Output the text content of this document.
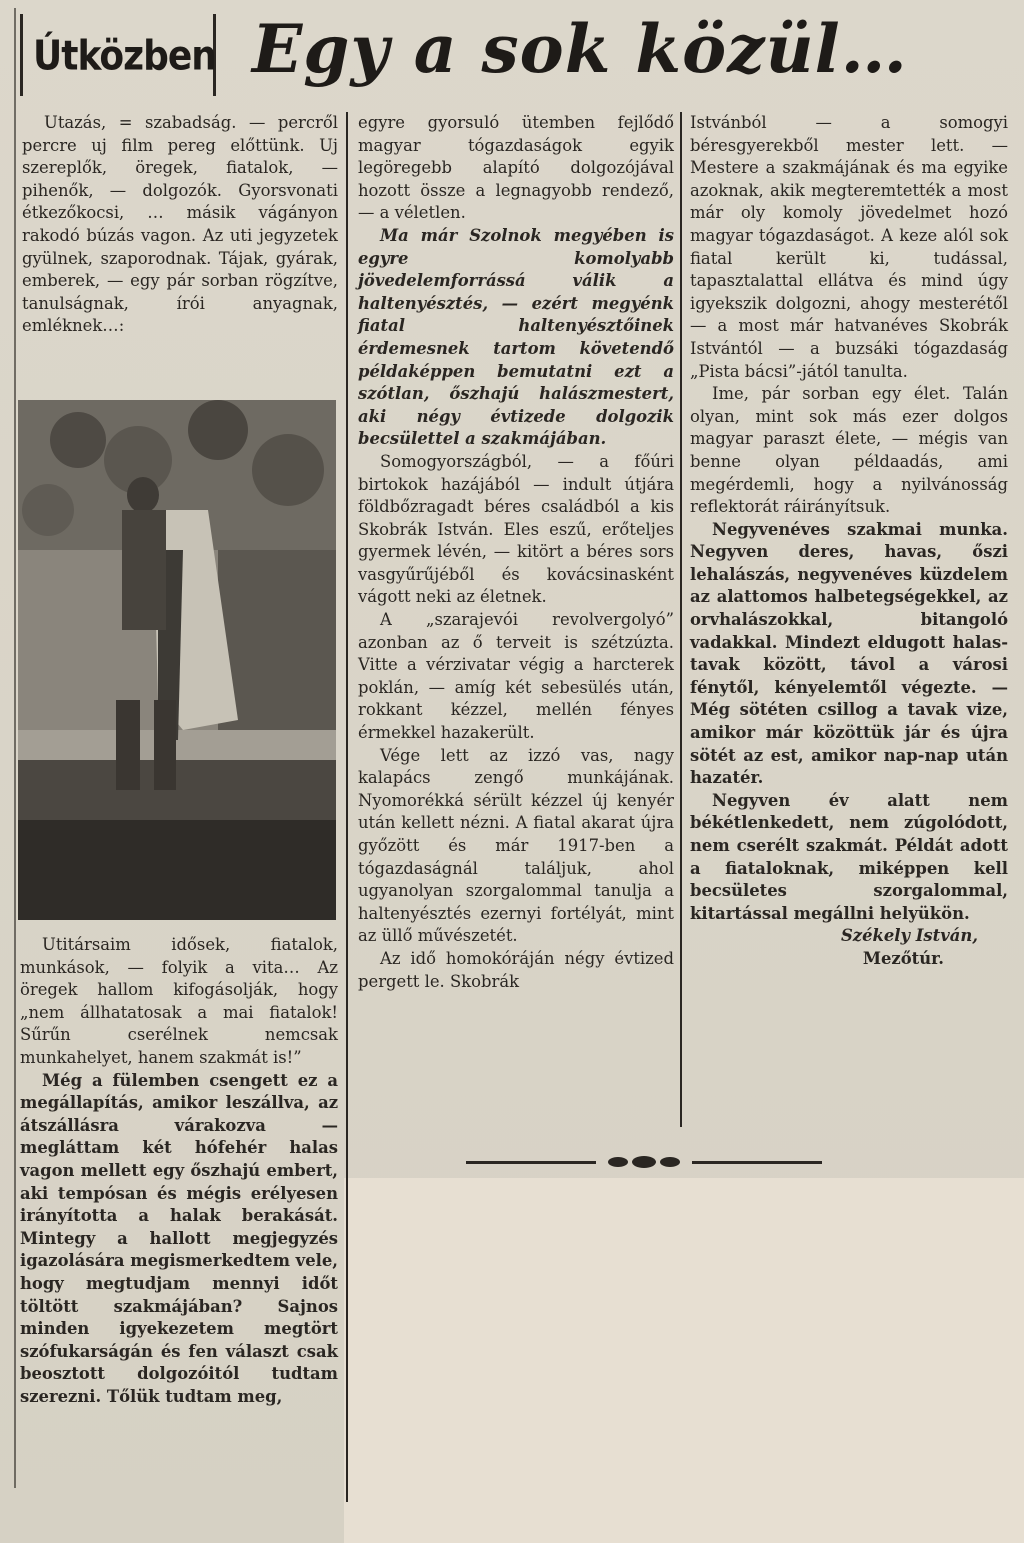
Útközben Egy a sok közül…

Utazás, = szabadság. — percről percre uj film pereg előttünk. Uj szereplők, öregek, fiatalok, — pihenők, — dolgozók. Gyorsvonati étkezőkocsi, … másik vágányon rakodó búzás vagon. Az uti jegyzetek gyülnek, szaporodnak. Tájak, gyárak, emberek, — egy pár sorban rögzítve, tanulságnak, írói anyagnak, emléknek…:

Utitársaim idősek, fiatalok, munkások, — folyik a vita… Az öregek hallom kifogásolják, hogy „nem állhatatosak a mai fiatalok! Sűrűn cserélnek nemcsak munkahelyet, hanem szakmát is!”

Még a fülemben csengett ez a megállapítás, amikor leszállva, az átszállásra várakozva — megláttam két hófehér halas vagon mellett egy őszhajú embert, aki tempósan és mégis erélyesen irányította a halak berakását. Mintegy a hallott megjegyzés igazolására megismerkedtem vele, hogy megtudjam mennyi időt töltött szakmájában? Sajnos minden igyekezetem megtört szófukarságán és fen választ csak beosztott dolgozóitól tudtam szerezni. Tőlük tudtam meg,

egyre gyorsuló ütemben fejlődő magyar tógazdaságok egyik legöregebb alapító dolgozójával hozott össze a legnagyobb rendező, — a véletlen.

Ma már Szolnok megyében is egyre komolyabb jövedelemforrássá válik a haltenyésztés, — ezért megyénk fiatal haltenyésztőinek érdemesnek tartom követendő példaképpen bemutatni ezt a szótlan, őszhajú halászmestert, aki négy évtizede dolgozik becsülettel a szakmájában.

Somogyországból, — a főúri birtokok hazájából — indult útjára földbőzragadt béres családból a kis Skobrák István. Eles eszű, erőteljes gyermek lévén, — kitört a béres sors vasgyűrűjéből és kovácsinasként vágott neki az életnek.

A „szarajevói revolvergolyó” azonban az ő terveit is szétzúzta. Vitte a vérzivatar végig a harcterek poklán, — amíg két sebesülés után, rokkant kézzel, mellén fényes érmekkel hazakerült.

Vége lett az izzó vas, nagy kalapács zengő munkájának. Nyomorékká sérült kézzel új kenyér után kellett nézni. A fiatal akarat újra győzött és már 1917-ben a tógazdaságnál találjuk, ahol ugyanolyan szorgalommal tanulja a haltenyésztés ezernyi fortélyát, mint az üllő művészetét.

Az idő homokóráján négy évtized pergett le. Skobrák

Istvánból — a somogyi béresgyerekből mester lett. — Mestere a szakmájának és ma egyike azoknak, akik megteremtették a most már oly komoly jövedelmet hozó magyar tógazdaságot. A keze alól sok fiatal került ki, tudással, tapasztalattal ellátva és mind úgy igyekszik dolgozni, ahogy mesterétől — a most már hatvanéves Skobrák Istvántól — a buzsáki tógazdaság „Pista bácsi”-jától tanulta.

Ime, pár sorban egy élet. Talán olyan, mint sok más ezer dolgos magyar paraszt élete, — mégis van benne olyan példaadás, ami megérdemli, hogy a nyilvánosság reflektorát ráirányítsuk.

Negyvenéves szakmai munka. Negyven deres, havas, őszi lehalászás, negyvenéves küzdelem az alattomos halbetegségekkel, az orvhalászokkal, bitangoló vadakkal. Mindezt eldugott halas-tavak között, távol a városi fénytől, kényelemtől végezte. — Még sötéten csillog a tavak vize, amikor már közöttük jár és újra sötét az est, amikor nap-nap után hazatér.

Negyven év alatt nem békétlenkedett, nem zúgolódott, nem cserélt szakmát. Példát adott a fiataloknak, miképpen kell becsületes szorgalommal, kitartással megállni helyükön.

Székely István,

Mezőtúr.
